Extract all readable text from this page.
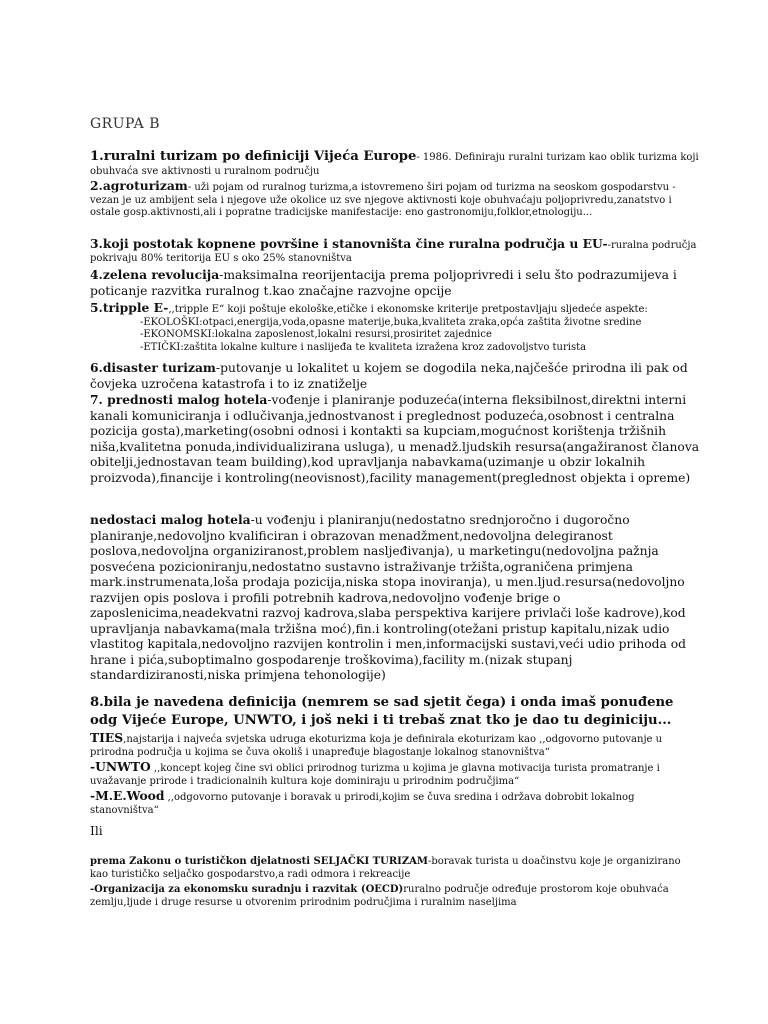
GRUPA B

1.ruralni turizam po definiciji Vijeća Europe- 1986. Definiraju ruralni turizam kao oblik turizma koji obuhvaća sve aktivnosti u ruralnom području

2.agroturizam- uži pojam od ruralnog turizma,a istovremeno širi pojam od turizma na seoskom gospodarstvu -vezan je uz ambijent sela i njegove uže okolice uz sve njegove aktivnosti koje obuhvaćaju poljoprivredu,zanatstvo i ostale gosp.aktivnosti,ali i popratne tradicijske manifestacije: eno gastronomiju,folklor,etnologiju...

3.koji postotak kopnene površine i stanovništa čine ruralna područja u EU--ruralna područja pokrivaju 80% teritorija EU s oko 25% stanovništva

4.zelena revolucija-maksimalna reorijentacija prema poljoprivredi i selu što podrazumijeva i poticanje razvitka ruralnog t.kao značajne razvojne opcije

5.tripple E-,,tripple E“ koji poštuje ekološke,etičke i ekonomske kriterije pretpostavljaju sljedeće aspekte:
-EKOLOŠKI:otpaci,energija,voda,opasne materije,buka,kvaliteta zraka,opća zaštita životne sredine
-EKONOMSKI:lokalna zaposlenost,lokalni resursi,prosiritet zajednice
-ETIČKI:zaštita lokalne kulture i naslijeđa te kvaliteta izražena kroz zadovoljstvo turista

6.disaster turizam-putovanje u lokalitet u kojem se dogodila neka,najčešće prirodna ili pak od čovjeka uzročena katastrofa i to iz znatiželje

7. prednosti malog hotela-vođenje i planiranje poduzeća(interna fleksibilnost,direktni interni kanali komuniciranja i odlučivanja,jednostvanost i preglednost poduzeća,osobnost i centralna pozicija gosta),marketing(osobni odnosi i kontakti sa kupciam,mogućnost korištenja tržišnih niša,kvalitetna ponuda,individualizirana usluga), u menadž.ljudskih resursa(angažiranost članova obitelji,jednostavan team building),kod upravljanja nabavkama(uzimanje u obzir lokalnih proizvoda),financije i kontroling(neovisnost),facility management(preglednost objekta i opreme)

nedostaci malog hotela-u vođenju i planiranju(nedostatno srednjoročno i dugoročno planiranje,nedovoljno kvalificiran i obrazovan menadžment,nedovoljna delegiranost poslova,nedovoljna organiziranost,problem nasljeđivanja), u marketingu(nedovoljna pažnja posvećena pozicioniranju,nedostatno sustavno istraživanje tržišta,ograničena primjena mark.instrumenata,loša prodaja pozicija,niska stopa inoviranja), u men.ljud.resursa(nedovoljno razvijen opis poslova i profili potrebnih kadrova,nedovoljno vođenje brige o zaposlenicima,neadekvatni razvoj kadrova,slaba perspektiva karijere privlači loše kadrove),kod upravljanja nabavkama(mala tržišna moć),fin.i kontroling(otežani pristup kapitalu,nizak udio vlastitog kapitala,nedovoljno razvijen kontrolin i men,informacijski sustavi,veći udio prihoda od hrane i pića,suboptimalno gospodarenje troškovima),facility m.(nizak stupanj standardiziranosti,niska primjena tehonologije)

8.bila je navedena definicija (nemrem se sad sjetit čega) i onda imaš ponuđene odg Vijeće Europe, UNWTO, i još neki i ti trebaš znat tko je dao tu deginiciju...

TIES,najstarija i najveća svjetska udruga ekoturizma koja je definirala ekoturizam kao ,,odgovorno putovanje u prirodna područja u kojima se čuva okoliš i unapređuje blagostanje lokalnog stanovništva“
-UNWTO ,,koncept kojeg čine svi oblici prirodnog turizma u kojima je glavna motivacija turista promatranje i uvažavanje prirode i tradicionalnih kultura koje dominiraju u prirodnim područjima“
-M.E.Wood ,,odgovorno putovanje i boravak u prirodi,kojim se čuva sredina i održava dobrobit lokalnog stanovništva“
Ili
prema Zakonu o turističkon djelatnosti SELJAČKI TURIZAM-boravak turista u doačinstvu koje je organizirano kao turističko seljačko gospodarstvo,a radi odmora i rekreacije
-Organizacija za ekonomsku suradnju i razvitak (OECD)ruralno područje određuje prostorom koje obuhvaća zemlju,ljude i druge resurse u otvorenim prirodnim područjima i ruralnim naseljima
